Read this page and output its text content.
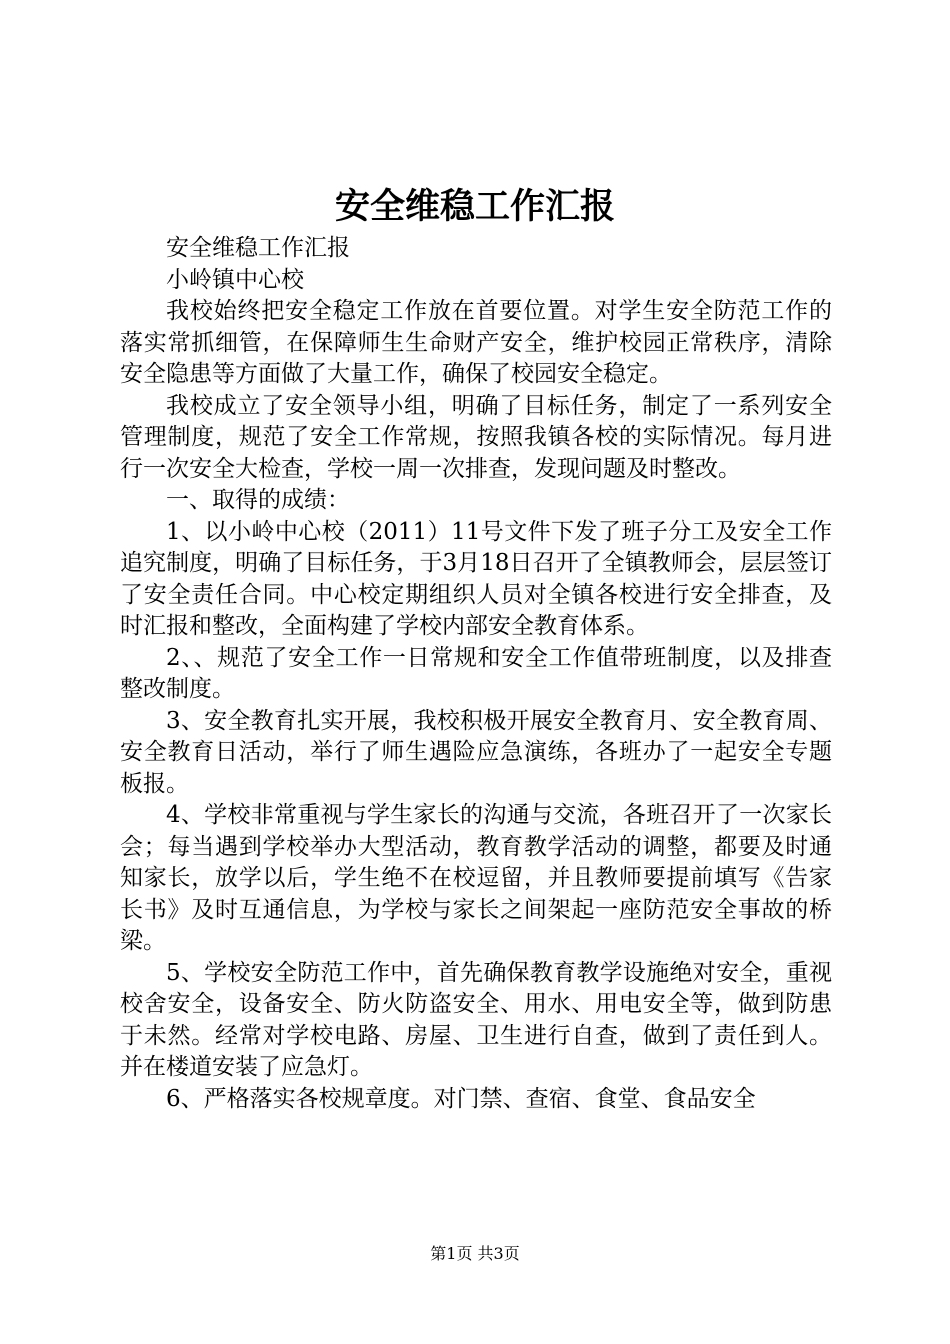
安全维稳工作汇报

安全维稳工作汇报

小岭镇中心校

我校始终把安全稳定工作放在首要位置。对学生安全防范工作的落实常抓细管，在保障师生生命财产安全，维护校园正常秩序，清除安全隐患等方面做了大量工作，确保了校园安全稳定。

我校成立了安全领导小组，明确了目标任务，制定了一系列安全管理制度，规范了安全工作常规，按照我镇各校的实际情况。每月进行一次安全大检查，学校一周一次排查，发现问题及时整改。

一、取得的成绩：

1、以小岭中心校（2011）11号文件下发了班子分工及安全工作追究制度，明确了目标任务，于3月18日召开了全镇教师会，层层签订了安全责任合同。中心校定期组织人员对全镇各校进行安全排查，及时汇报和整改，全面构建了学校内部安全教育体系。

2、、规范了安全工作一日常规和安全工作值带班制度，以及排查整改制度。

3、安全教育扎实开展，我校积极开展安全教育月、安全教育周、安全教育日活动，举行了师生遇险应急演练，各班办了一起安全专题板报。

4、学校非常重视与学生家长的沟通与交流，各班召开了一次家长会；每当遇到学校举办大型活动，教育教学活动的调整，都要及时通知家长，放学以后，学生绝不在校逗留，并且教师要提前填写《告家长书》及时互通信息，为学校与家长之间架起一座防范安全事故的桥梁。

5、学校安全防范工作中，首先确保教育教学设施绝对安全，重视校舍安全，设备安全、防火防盗安全、用水、用电安全等，做到防患于未然。经常对学校电路、房屋、卫生进行自查，做到了责任到人。并在楼道安装了应急灯。

6、严格落实各校规章度。对门禁、查宿、食堂、食品安全

第1页 共3页
